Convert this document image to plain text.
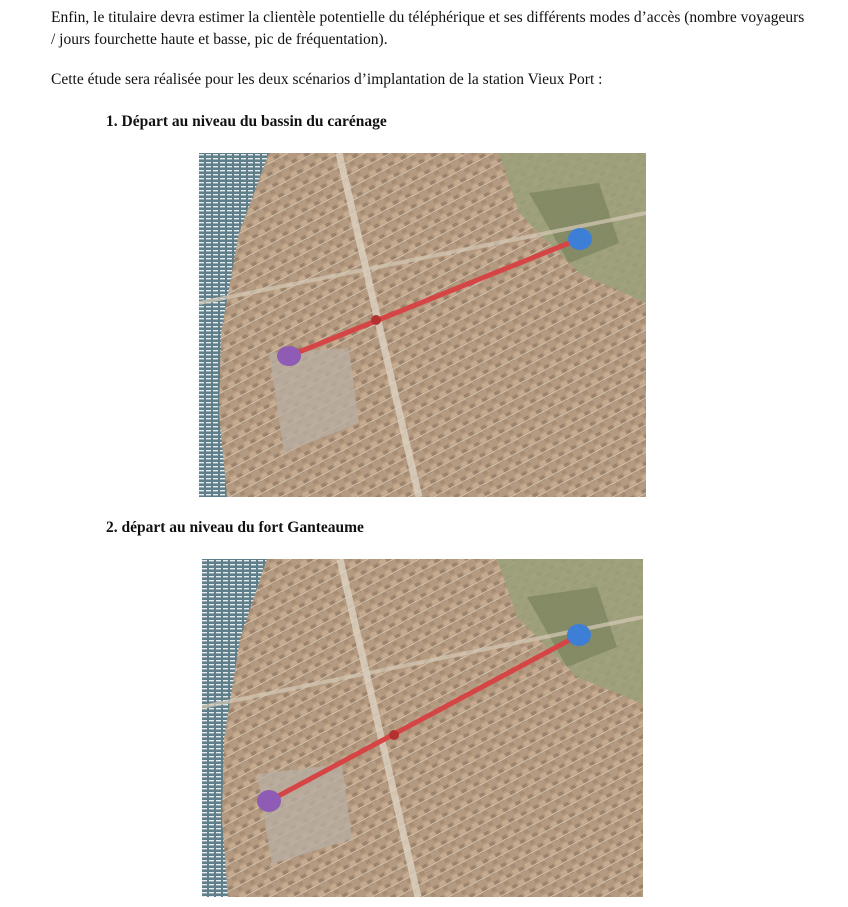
Enfin, le titulaire devra estimer la clientèle potentielle du téléphérique et ses différents modes d’accès (nombre voyageurs / jours fourchette haute et basse, pic de fréquentation).

Cette étude sera réalisée pour les deux scénarios d’implantation de la station Vieux Port :

1. Départ au niveau du bassin du carénage

2. départ au niveau du fort Ganteaume
